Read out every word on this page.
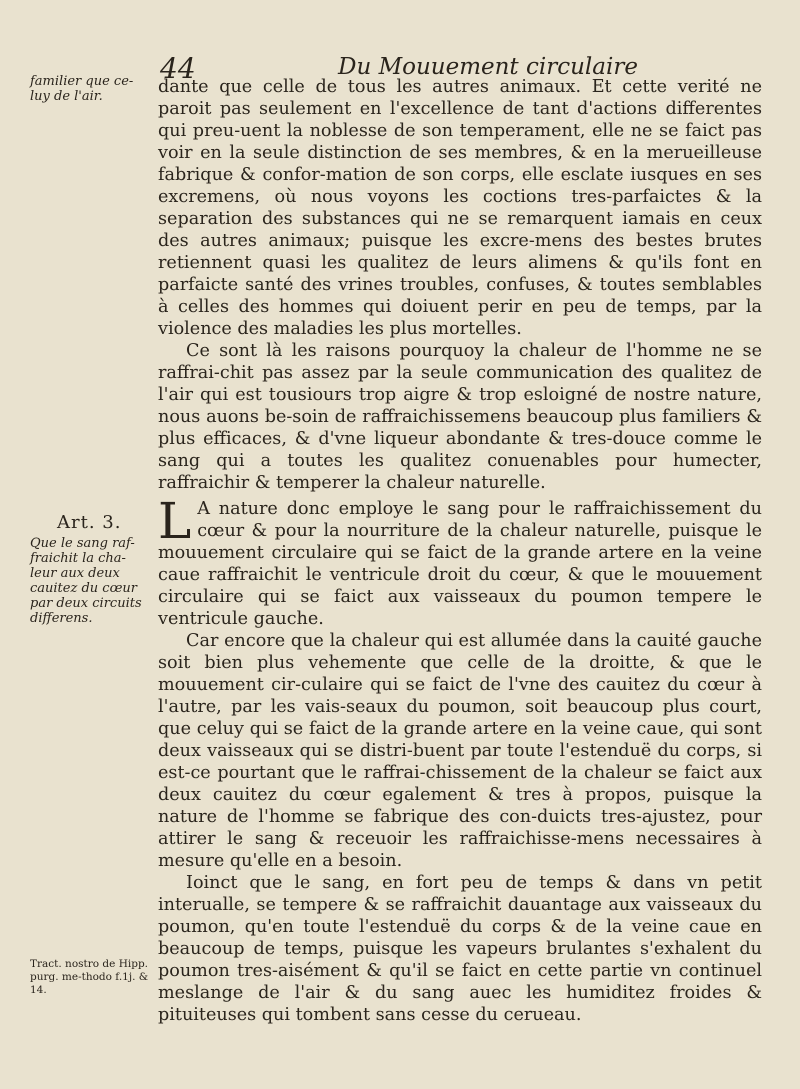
44	Du Mouuement circulaire
familier que ce-luy de l'air.
Art. 3.
Que le sang raf-fraichit la cha-leur aux deux cauitez du cœur par deux circuits differens.
Tract. nostro de Hipp. purg. me-thodo f.1j. & 14.

dante que celle de tous les autres animaux. Et cette verité ne paroit pas seulement en l'excellence de tant d'actions differentes qui preu-uent la noblesse de son temperament, elle ne se faict pas voir en la seule distinction de ses membres, & en la merueilleuse fabrique & confor-mation de son corps, elle esclate iusques en ses excremens, où nous voyons les coctions tres-parfaictes & la separation des substances qui ne se remarquent iamais en ceux des autres animaux; puisque les excre-mens des bestes brutes retiennent quasi les qualitez de leurs alimens & qu'ils font en parfaicte santé des vrines troubles, confuses, & toutes semblables à celles des hommes qui doiuent perir en peu de temps, par la violence des maladies les plus mortelles.

Ce sont là les raisons pourquoy la chaleur de l'homme ne se raffrai-chit pas assez par la seule communication des qualitez de l'air qui est tousiours trop aigre & trop esloigné de nostre nature, nous auons be-soin de raffraichissemens beaucoup plus familiers & plus efficaces, & d'vne liqueur abondante & tres-douce comme le sang qui a toutes les qualitez conuenables pour humecter, raffraichir & temperer la chaleur naturelle.

L A nature donc employe le sang pour le raffraichissement du cœur & pour la nourriture de la chaleur naturelle, puisque le mouuement circulaire qui se faict de la grande artere en la veine caue raffraichit le ventricule droit du cœur, & que le mouuement circulaire qui se faict aux vaisseaux du poumon tempere le ventricule gauche.

Car encore que la chaleur qui est allumée dans la cauité gauche soit bien plus vehemente que celle de la droitte, & que le mouuement cir-culaire qui se faict de l'vne des cauitez du cœur à l'autre, par les vais-seaux du poumon, soit beaucoup plus court, que celuy qui se faict de la grande artere en la veine caue, qui sont deux vaisseaux qui se distri-buent par toute l'estenduë du corps, si est-ce pourtant que le raffrai-chissement de la chaleur se faict aux deux cauitez du cœur egalement & tres à propos, puisque la nature de l'homme se fabrique des con-duicts tres-ajustez, pour attirer le sang & receuoir les raffraichisse-mens necessaires à mesure qu'elle en a besoin.

Ioinct que le sang, en fort peu de temps & dans vn petit interualle, se tempere & se raffraichit dauantage aux vaisseaux du poumon, qu'en toute l'estenduë du corps & de la veine caue en beaucoup de temps, puisque les vapeurs brulantes s'exhalent du poumon tres-aisément & qu'il se faict en cette partie vn continuel meslange de l'air & du sang auec les humiditez froides & pituiteuses qui tombent sans cesse du cerueau.
